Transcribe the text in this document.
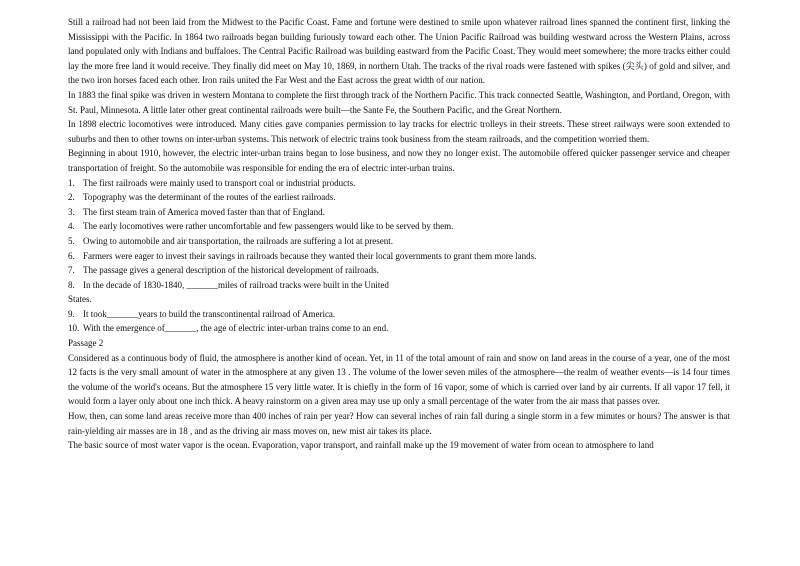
Still a railroad had not been laid from the Midwest to the Pacific Coast. Fame and fortune were destined to smile upon whatever railroad lines spanned the continent first, linking the Mississippi with the Pacific. In 1864 two railroads began building furiously toward each other. The Union Pacific Railroad was building westward across the Western Plains, across land populated only with Indians and buffaloes. The Central Pacific Railroad was building eastward from the Pacific Coast. They would meet somewhere; the more tracks either could lay the more free land it would receive. They finally did meet on May 10, 1869, in northern Utah. The tracks of the rival roads were fastened with spikes (尖头) of gold and silver, and the two iron horses faced each other. Iron rails united the Far West and the East across the great width of our nation.

In 1883 the final spike was driven in western Montana to complete the first through track of the Northern Pacific. This track connected Seattle, Washington, and Portland, Oregon, with St. Paul, Minnesota. A little later other great continental railroads were built—the Sante Fe, the Southern Pacific, and the Great Northern.

In 1898 electric locomotives were introduced. Many cities gave companies permission to lay tracks for electric trolleys in their streets. These street railways were soon extended to suburbs and then to other towns on inter-urban systems. This network of electric trains took business from the steam railroads, and the competition worried them.

Beginning in about 1910, however, the electric inter-urban trains began to lose business, and now they no longer exist. The automobile offered quicker passenger service and cheaper transportation of freight. So the automobile was responsible for ending the era of electric inter-urban trains.

1. The first railroads were mainly used to transport coal or industrial products.
2. Topography was the determinant of the routes of the earliest railroads.
3. The first steam train of America moved faster than that of England.
4. The early locomotives were rather uncomfortable and few passengers would like to be served by them.
5. Owing to automobile and air transportation, the railroads are suffering a lot at present.
6. Farmers were eager to invest their savings in railroads because they wanted their local governments to grant them more lands.
7. The passage gives a general description of the historical development of railroads.
8. In the decade of 1830-1840, _______miles of railroad tracks were built in the United

States.

9. It took_______years to build the transcontinental railroad of America.
10. With the emergence of_______, the age of electric inter-urban trains come to an end.

Passage 2

Considered as a continuous body of fluid, the atmosphere is another kind of ocean. Yet, in 11 of the total amount of rain and snow on land areas in the course of a year, one of the most 12 facts is the very small amount of water in the atmosphere at any given 13 . The volume of the lower seven miles of the atmosphere—the realm of weather events—is 14 four times the volume of the world's oceans. But the atmosphere 15 very little water. It is chiefly in the form of 16 vapor, some of which is carried over land by air currents. If all vapor 17 fell, it would form a layer only about one inch thick. A heavy rainstorm on a given area may use up only a small percentage of the water from the air mass that passes over.

How, then, can some land areas receive more than 400 inches of rain per year? How can several inches of rain fall during a single storm in a few minutes or hours? The answer is that rain-yielding air masses are in 18 , and as the driving air mass moves on, new mist air takes its place.

The basic source of most water vapor is the ocean. Evaporation, vapor transport, and rainfall make up the 19 movement of water from ocean to atmosphere to land
